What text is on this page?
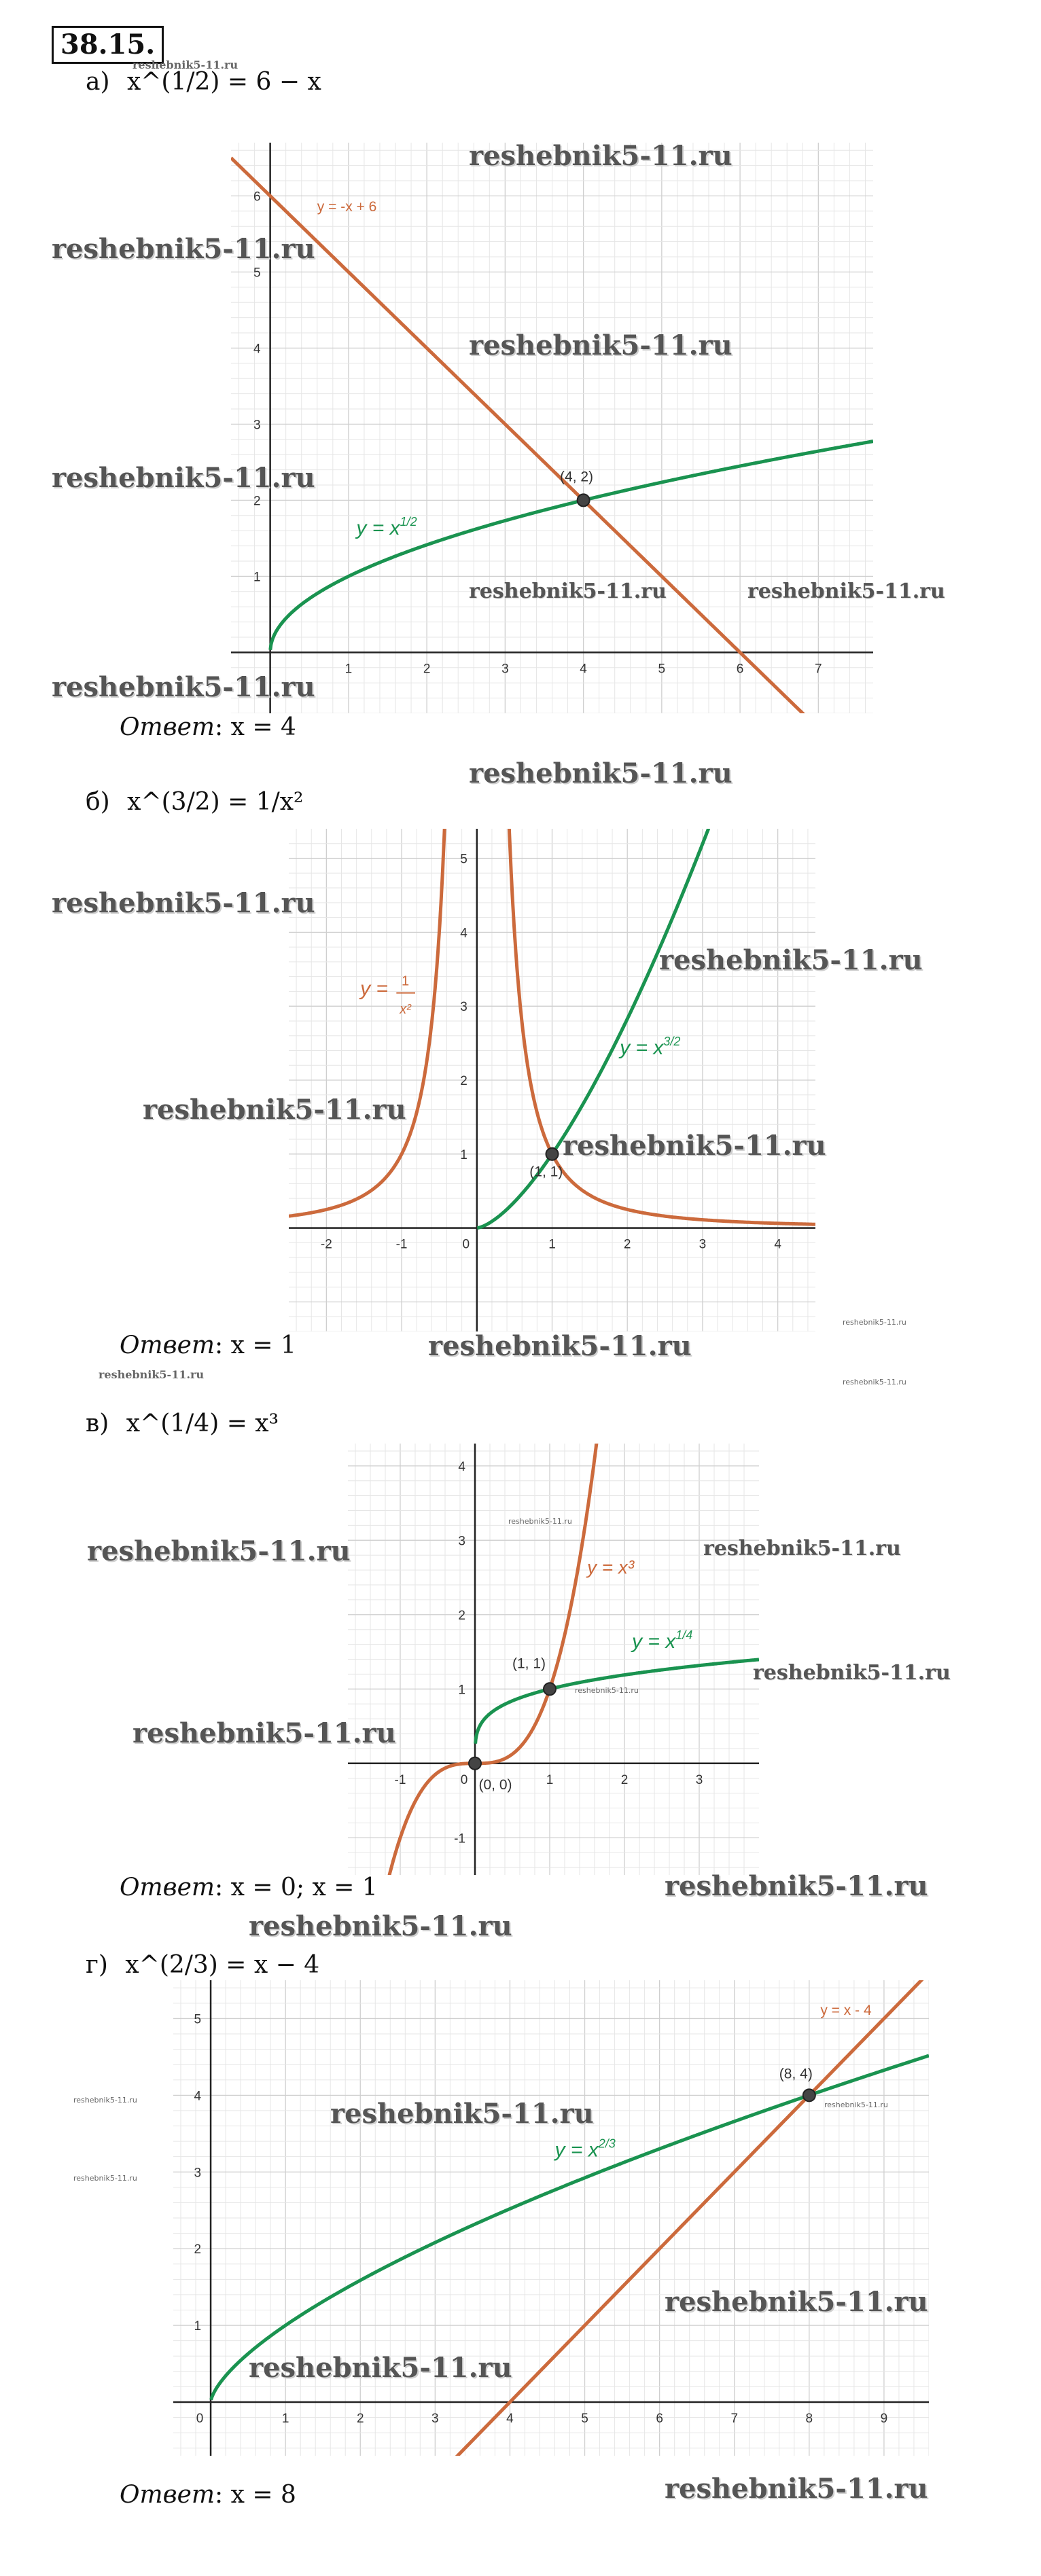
38.15.
а) x^(1/2) = 6 − x
1	2	3	4	5	6	7
1
2
3
4
5
6
y = -x + 6
$y = x^{1/2}$
(4, 2)
Ответ: x = 4
б) x^(3/2) = 1/x²
-2	-1	0	1	2	3	4
1
2
3
4
5
y = 1
x²
$y = x^{3/2}$
(1, 1)
Ответ: x = 1
в) x^(1/4) = x³
-1	0	1	2	3
-1
1
2
3
4
y = x³
$y = x^{1/4}$
(1, 1)
(0, 0)
Ответ: x = 0; x = 1
г) x^(2/3) = x − 4
0	1	2	3	4	5	6	7	8	9
1
2
3
4
5
y = x - 4
$y = x^{2/3}$
(8, 4)
Ответ: x = 8
reshebnik5-11.ru
reshebnik5-11.ru
reshebnik5-11.ru
reshebnik5-11.ru
reshebnik5-11.ru
reshebnik5-11.ru	reshebnik5-11.ru
reshebnik5-11.ru
reshebnik5-11.ru
reshebnik5-11.ru
reshebnik5-11.ru
reshebnik5-11.ru
reshebnik5-11.ru
reshebnik5-11.ru
reshebnik5-11.ru
reshebnik5-11.ru
reshebnik5-11.ru
reshebnik5-11.ru	reshebnik5-11.ru
reshebnik5-11.ru
reshebnik5-11.ru
reshebnik5-11.ru
reshebnik5-11.ru
reshebnik5-11.ru
reshebnik5-11.ru
reshebnik5-11.ru
reshebnik5-11.ru
reshebnik5-11.ru	reshebnik5-11.ru
reshebnik5-11.ru
reshebnik5-11.ru
reshebnik5-11.ru
